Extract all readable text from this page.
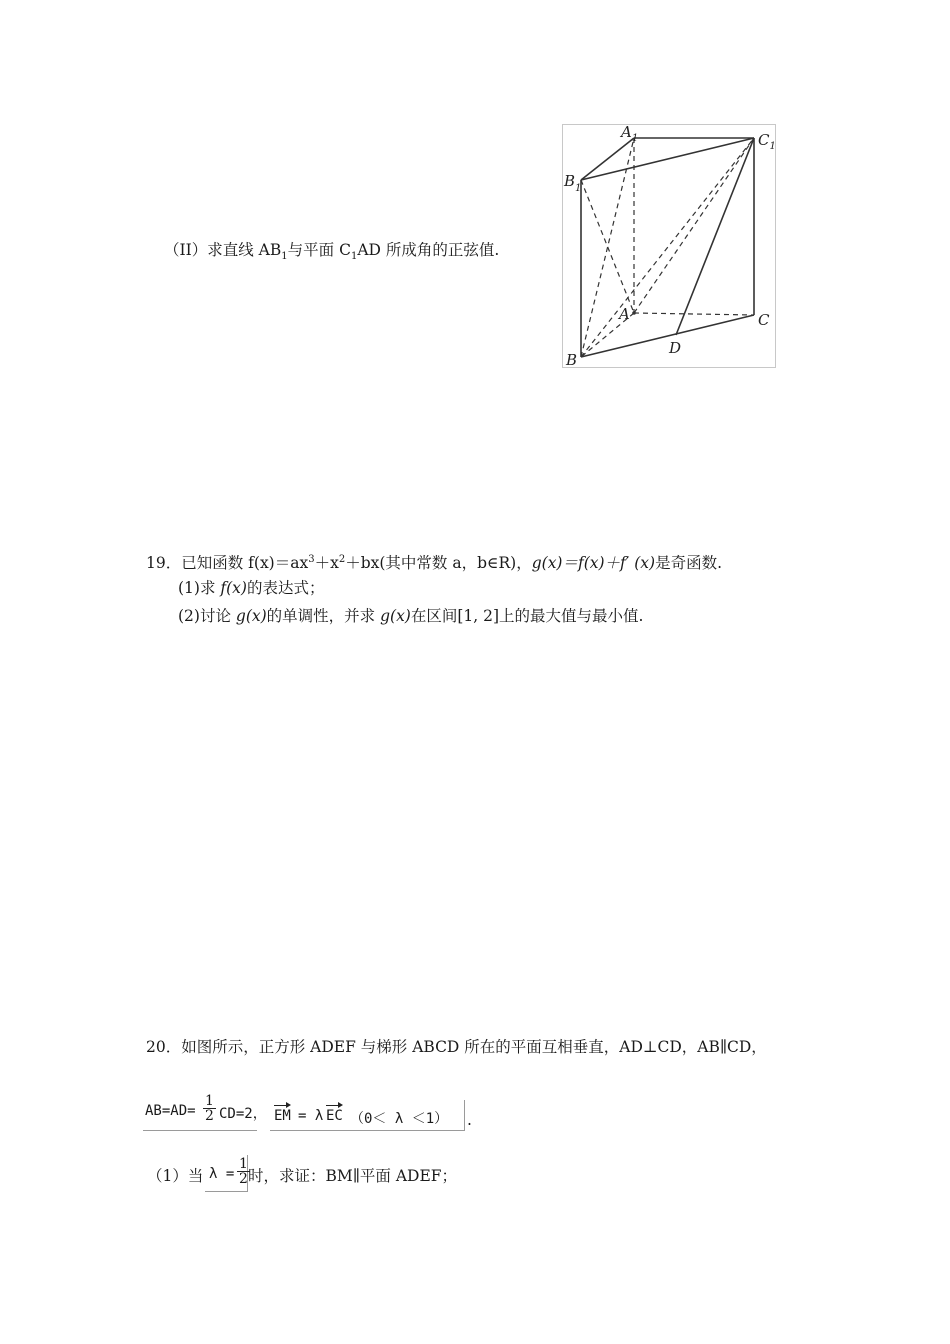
（II）求直线 $AB_1$与平面 $C_1AD$ 所成角的正弦值.
$A_1$	$C_1$
$B_1$
A	C
B
D
19．已知函数 $f(x)=ax^3+x^2+bx$(其中常数 a，b∈R)，g(x)＝f(x)＋f′ (x)是奇函数.
(1)求 f(x)的表达式；
(2)讨论 g(x)的单调性，并求 g(x)在区间[1, 2]上的最大值与最小值.
20．如图所示，正方形 ADEF 与梯形 ABCD 所在的平面互相垂直，AD⊥CD，AB∥CD，
$AB=AD= \frac{1}{2} CD=2$， EM = λ EC （0＜ λ ＜1） .
（1）当 $\lambda = \frac{1}{2}$
时，求证：BM∥平面 ADEF；
